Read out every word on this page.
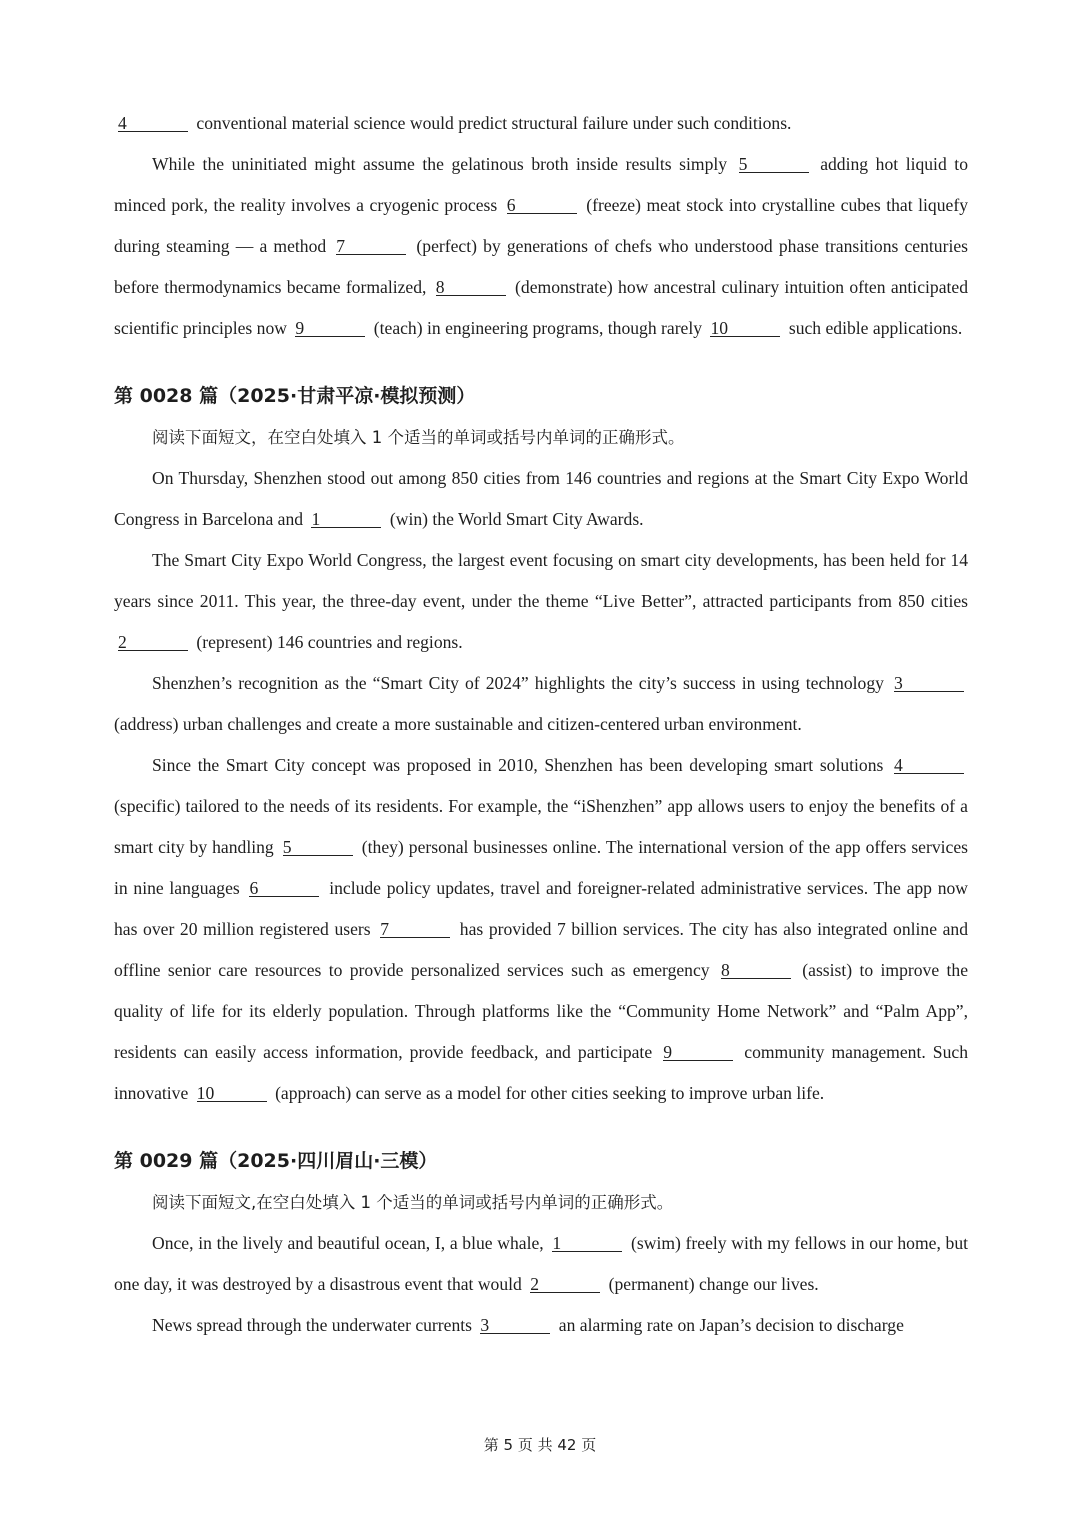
4	conventional material science would predict structural failure under such conditions.

While the uninitiated might assume the gelatinous broth inside results simply 5	adding hot liquid to minced pork, the reality involves a cryogenic process 6	(freeze) meat stock into crystalline cubes that liquefy during steaming — a method 7	(perfect) by generations of chefs who understood phase transitions centuries before thermodynamics became formalized, 8	(demonstrate) how ancestral culinary intuition often anticipated scientific principles now 9	(teach) in engineering programs, though rarely 10	such edible applications.

第 0028 篇（2025·甘肃平凉·模拟预测）

阅读下面短文，在空白处填入 1 个适当的单词或括号内单词的正确形式。

On Thursday, Shenzhen stood out among 850 cities from 146 countries and regions at the Smart City Expo World Congress in Barcelona and 1	(win) the World Smart City Awards.

The Smart City Expo World Congress, the largest event focusing on smart city developments, has been held for 14 years since 2011. This year, the three-day event, under the theme “Live Better”, attracted participants from 850 cities 2	(represent) 146 countries and regions.

Shenzhen’s recognition as the “Smart City of 2024” highlights the city’s success in using technology 3 (address) urban challenges and create a more sustainable and citizen-centered urban environment.

Since the Smart City concept was proposed in 2010, Shenzhen has been developing smart solutions 4 (specific) tailored to the needs of its residents. For example, the “iShenzhen” app allows users to enjoy the benefits of a smart city by handling 5	(they) personal businesses online. The international version of the app offers services in nine languages 6	include policy updates, travel and foreigner-related administrative services. The app now has over 20 million registered users 7	has provided 7 billion services. The city has also integrated online and offline senior care resources to provide personalized services such as emergency 8	(assist) to improve the quality of life for its elderly population. Through platforms like the “Community Home Network” and “Palm App”, residents can easily access information, provide feedback, and participate 9	community management. Such innovative 10	(approach) can serve as a model for other cities seeking to improve urban life.

第 0029 篇（2025·四川眉山·三模）

阅读下面短文,在空白处填入 1 个适当的单词或括号内单词的正确形式。

Once, in the lively and beautiful ocean, I, a blue whale, 1	(swim) freely with my fellows in our home, but one day, it was destroyed by a disastrous event that would 2	(permanent) change our lives.

News spread through the underwater currents 3	an alarming rate on Japan’s decision to discharge

第 5 页 共 42 页
